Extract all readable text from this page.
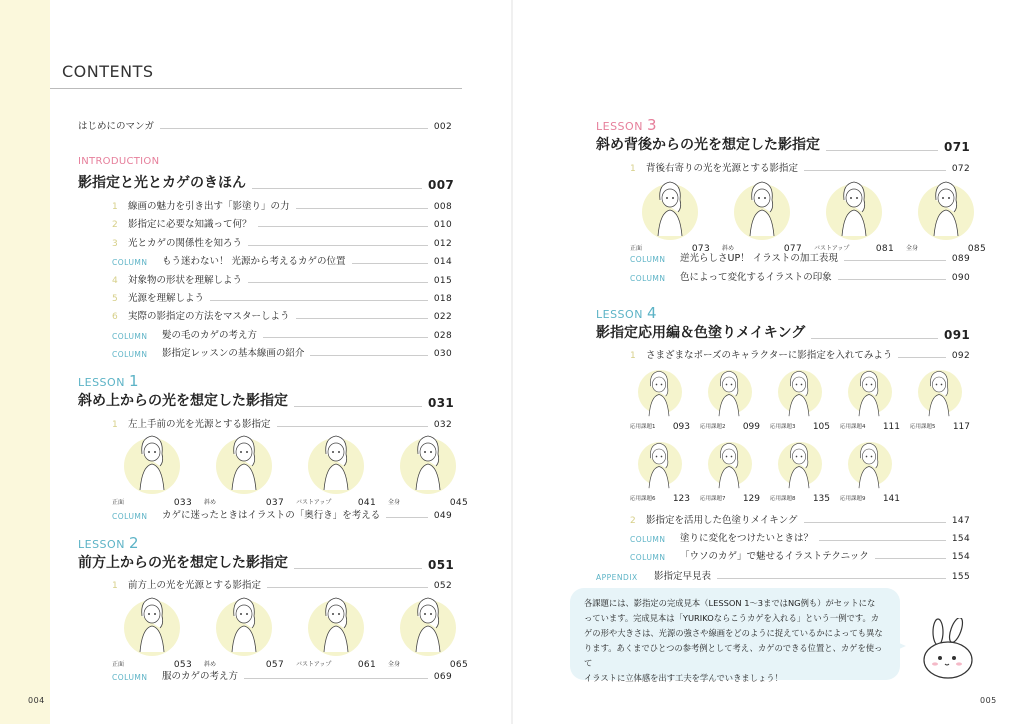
CONTENTS
はじめにのマンガ	002
INTRODUCTION
影指定と光とカゲのきほん	007
1	線画の魅力を引き出す「影塗り」の力	008
2	影指定に必要な知識って何？	010
3	光とカゲの関係性を知ろう	012
COLUMN	もう迷わない！ 光源から考えるカゲの位置	014
4	対象物の形状を理解しよう	015
5	光源を理解しよう	018
6	実際の影指定の方法をマスターしよう	022
COLUMN	髪の毛のカゲの考え方	028
COLUMN	影指定レッスンの基本線画の紹介	030
LESSON 1
斜め上からの光を想定した影指定	031
1	左上手前の光を光源とする影指定	032
正面	033 斜め	037 バストアップ	041 全身	045
COLUMN	カゲに迷ったときはイラストの「奥行き」を考える	049
LESSON 2
前方上からの光を想定した影指定	051
1	前方上の光を光源とする影指定	052
正面	053 斜め	057 バストアップ	061 全身	065
COLUMN	服のカゲの考え方	069
004
LESSON 3
斜め背後からの光を想定した影指定	071
1	背後右寄りの光を光源とする影指定	072
正面	073 斜め	077 バストアップ	081 全身	085
COLUMN	逆光らしさUP！ イラストの加工表現	089
COLUMN	色によって変化するイラストの印象	090
LESSON 4
影指定応用編＆色塗りメイキング	091
1	さまざまなポーズのキャラクターに影指定を入れてみよう	092
応用課題1 093 応用課題2 099 応用課題3 105 応用課題4 111 応用課題5 117
応用課題6 123 応用課題7 129 応用課題8 135 応用課題9 141
2	影指定を活用した色塗りメイキング	147
COLUMN	塗りに変化をつけたいときは？	154
COLUMN	「ウソのカゲ」で魅せるイラストテクニック	154
APPENDIX	影指定早見表	155
各課題には、影指定の完成見本（LESSON 1〜3まではNG例も）がセットにな
っています。完成見本は「YURIKOならこうカゲを入れる」という一例です。カ
ゲの形や大きさは、光源の強さや線画をどのように捉えているかによっても異な
ります。あくまでひとつの参考例として考え、カゲのできる位置と、カゲを使って
イラストに立体感を出す工夫を学んでいきましょう！
005
